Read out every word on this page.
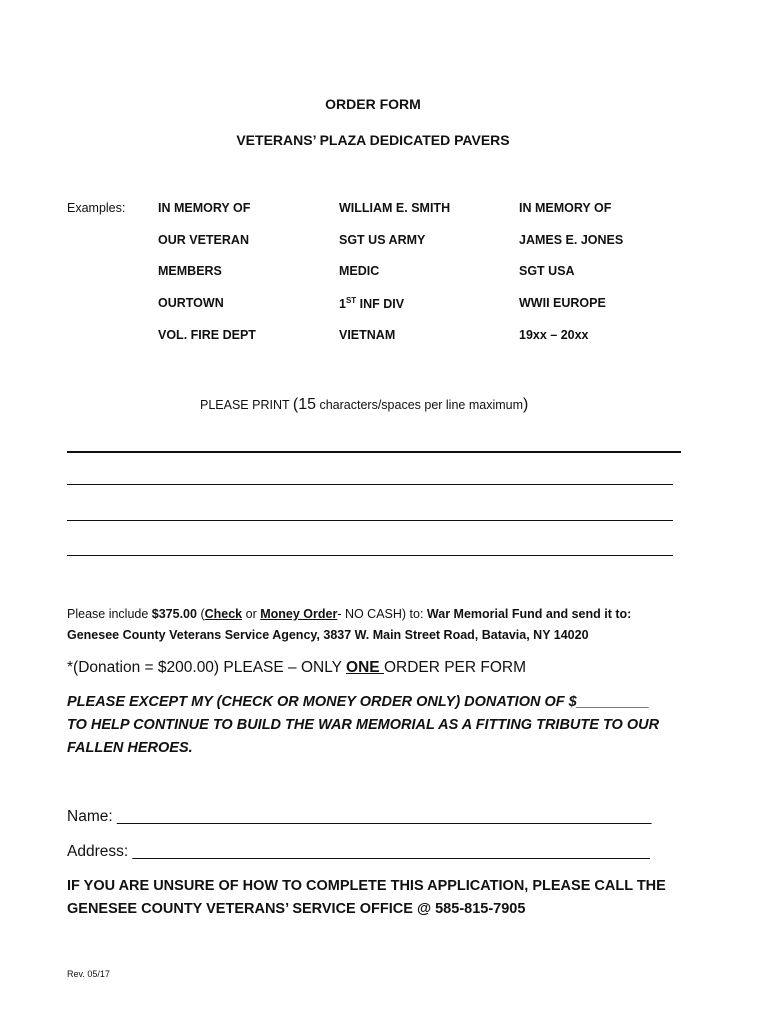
ORDER FORM
VETERANS’ PLAZA DEDICATED PAVERS
Examples:	IN MEMORY OF
OUR VETERAN
MEMBERS
OURTOWN
VOL. FIRE DEPT
WILLIAM E. SMITH
SGT US ARMY
MEDIC
1ST INF DIV
VIETNAM
IN MEMORY OF
JAMES E. JONES
SGT USA
WWII EUROPE
19xx – 20xx
PLEASE PRINT (15 characters/spaces per line maximum)
Please include $375.00 (Check or Money Order- NO CASH) to: War Memorial Fund and send it to:
Genesee County Veterans Service Agency, 3837 W. Main Street Road, Batavia, NY 14020
*(Donation = $200.00) PLEASE – ONLY ONE ORDER PER FORM
PLEASE EXCEPT MY (CHECK OR MONEY ORDER ONLY) DONATION OF $_________
TO HELP CONTINUE TO BUILD THE WAR MEMORIAL AS A FITTING TRIBUTE TO OUR
FALLEN HEROES.
Name: ______________________________________________________________
Address: ____________________________________________________________
IF YOU ARE UNSURE OF HOW TO COMPLETE THIS APPLICATION, PLEASE CALL THE
GENESEE COUNTY VETERANS’ SERVICE OFFICE @ 585-815-7905
Rev. 05/17
